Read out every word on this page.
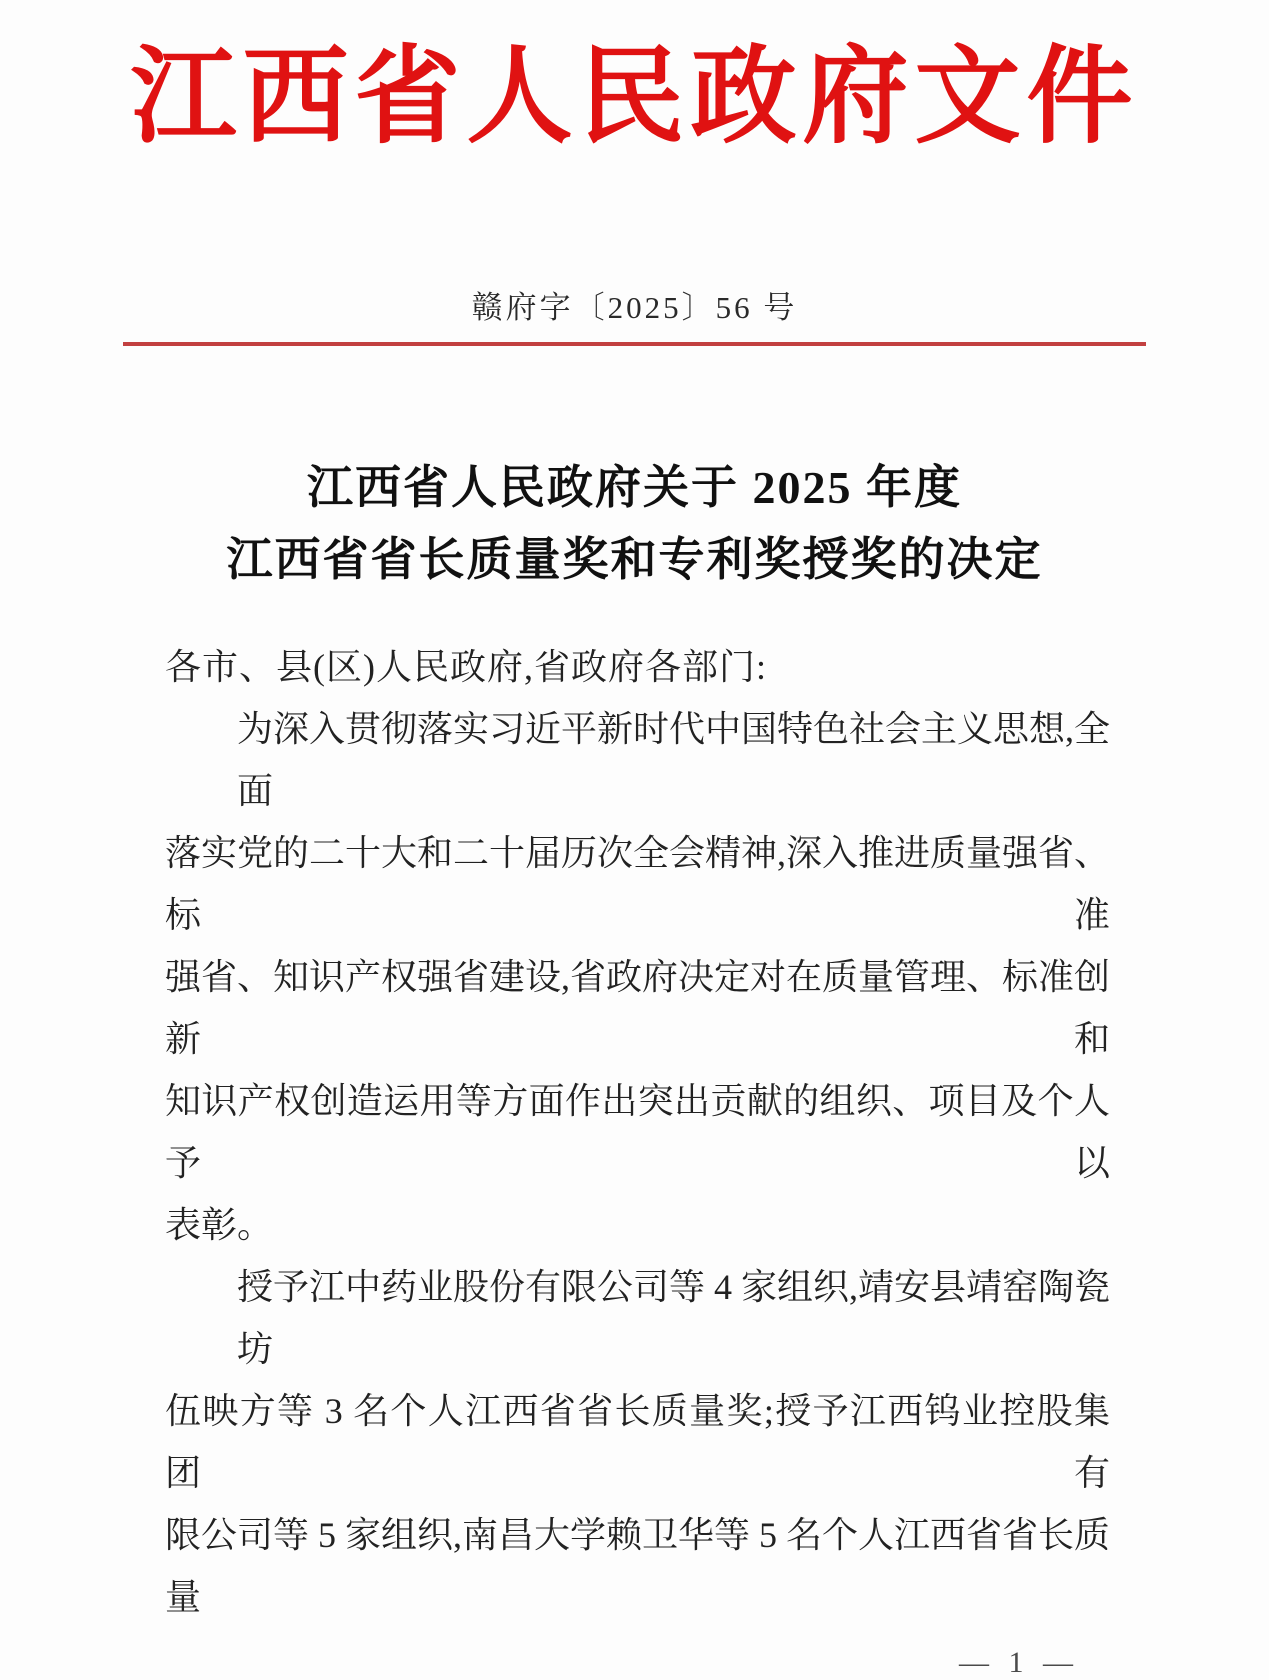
江西省人民政府文件
赣府字〔2025〕56 号
江西省人民政府关于 2025 年度
江西省省长质量奖和专利奖授奖的决定
各市、县(区)人民政府,省政府各部门:
为深入贯彻落实习近平新时代中国特色社会主义思想,全面
落实党的二十大和二十届历次全会精神,深入推进质量强省、标准
强省、知识产权强省建设,省政府决定对在质量管理、标准创新和
知识产权创造运用等方面作出突出贡献的组织、项目及个人予以
表彰。
授予江中药业股份有限公司等 4 家组织,靖安县靖窑陶瓷坊
伍映方等 3 名个人江西省省长质量奖;授予江西钨业控股集团有
限公司等 5 家组织,南昌大学赖卫华等 5 名个人江西省省长质量
— 1 —
